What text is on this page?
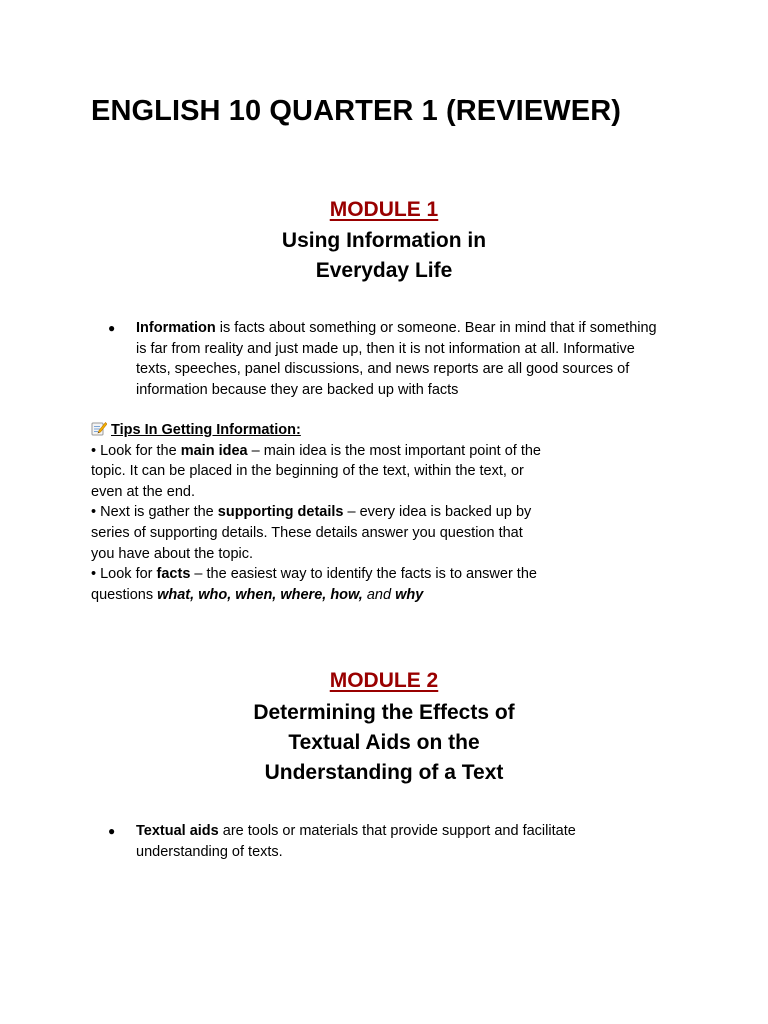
ENGLISH 10 QUARTER 1 (REVIEWER)
MODULE 1
Using Information in
Everyday Life
● Information is facts about something or someone. Bear in mind that if something
is far from reality and just made up, then it is not information at all. Informative
texts, speeches, panel discussions, and news reports are all good sources of
information because they are backed up with facts
Tips In Getting Information:
• Look for the main idea – main idea is the most important point of the
topic. It can be placed in the beginning of the text, within the text, or
even at the end.
• Next is gather the supporting details – every idea is backed up by
series of supporting details. These details answer you question that
you have about the topic.
• Look for facts – the easiest way to identify the facts is to answer the
questions what, who, when, where, how, and why
MODULE 2
Determining the Effects of
Textual Aids on the
Understanding of a Text
● Textual aids are tools or materials that provide support and facilitate
understanding of texts.
